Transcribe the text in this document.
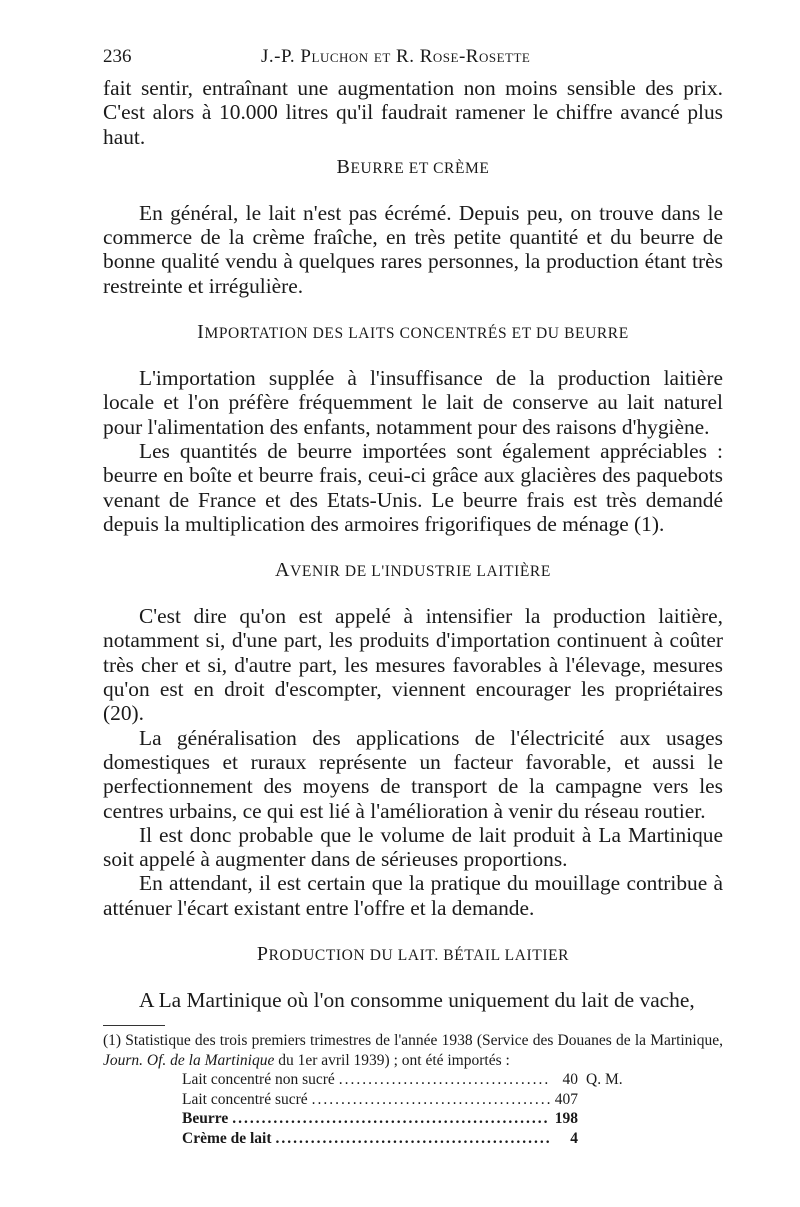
236	J.-P. Pluchon et R. Rose-Rosette

fait sentir, entraînant une augmentation non moins sensible des prix. C'est alors à 10.000 litres qu'il faudrait ramener le chiffre avancé plus haut.

BEURRE ET CRÈME

En général, le lait n'est pas écrémé. Depuis peu, on trouve dans le commerce de la crème fraîche, en très petite quantité et du beurre de bonne qualité vendu à quelques rares personnes, la production étant très restreinte et irrégulière.

IMPORTATION DES LAITS CONCENTRÉS ET DU BEURRE

L'importation supplée à l'insuffisance de la production laitière locale et l'on préfère fréquemment le lait de conserve au lait naturel pour l'alimentation des enfants, notamment pour des raisons d'hygiène.

Les quantités de beurre importées sont également appréciables : beurre en boîte et beurre frais, ceui-ci grâce aux glacières des paquebots venant de France et des Etats-Unis. Le beurre frais est très demandé depuis la multiplication des armoires frigorifiques de ménage (1).

AVENIR DE L'INDUSTRIE LAITIÈRE

C'est dire qu'on est appelé à intensifier la production laitière, notamment si, d'une part, les produits d'importation continuent à coûter très cher et si, d'autre part, les mesures favorables à l'élevage, mesures qu'on est en droit d'escompter, viennent encourager les propriétaires (20).

La généralisation des applications de l'électricité aux usages domestiques et ruraux représente un facteur favorable, et aussi le perfectionnement des moyens de transport de la campagne vers les centres urbains, ce qui est lié à l'amélioration à venir du réseau routier.

Il est donc probable que le volume de lait produit à La Martinique soit appelé à augmenter dans de sérieuses proportions.

En attendant, il est certain que la pratique du mouillage contribue à atténuer l'écart existant entre l'offre et la demande.

PRODUCTION DU LAIT. BÉTAIL LAITIER

A La Martinique où l'on consomme uniquement du lait de vache,

(1) Statistique des trois premiers trimestres de l'année 1938 (Service des Douanes de la Martinique, Journ. Of. de la Martinique du 1er avril 1939) ; ont été importés :

Lait concentré non sucré .....	40 Q. M.
Lait concentré sucré .....	407
Beurre .....	198
Crème de lait .....	4
